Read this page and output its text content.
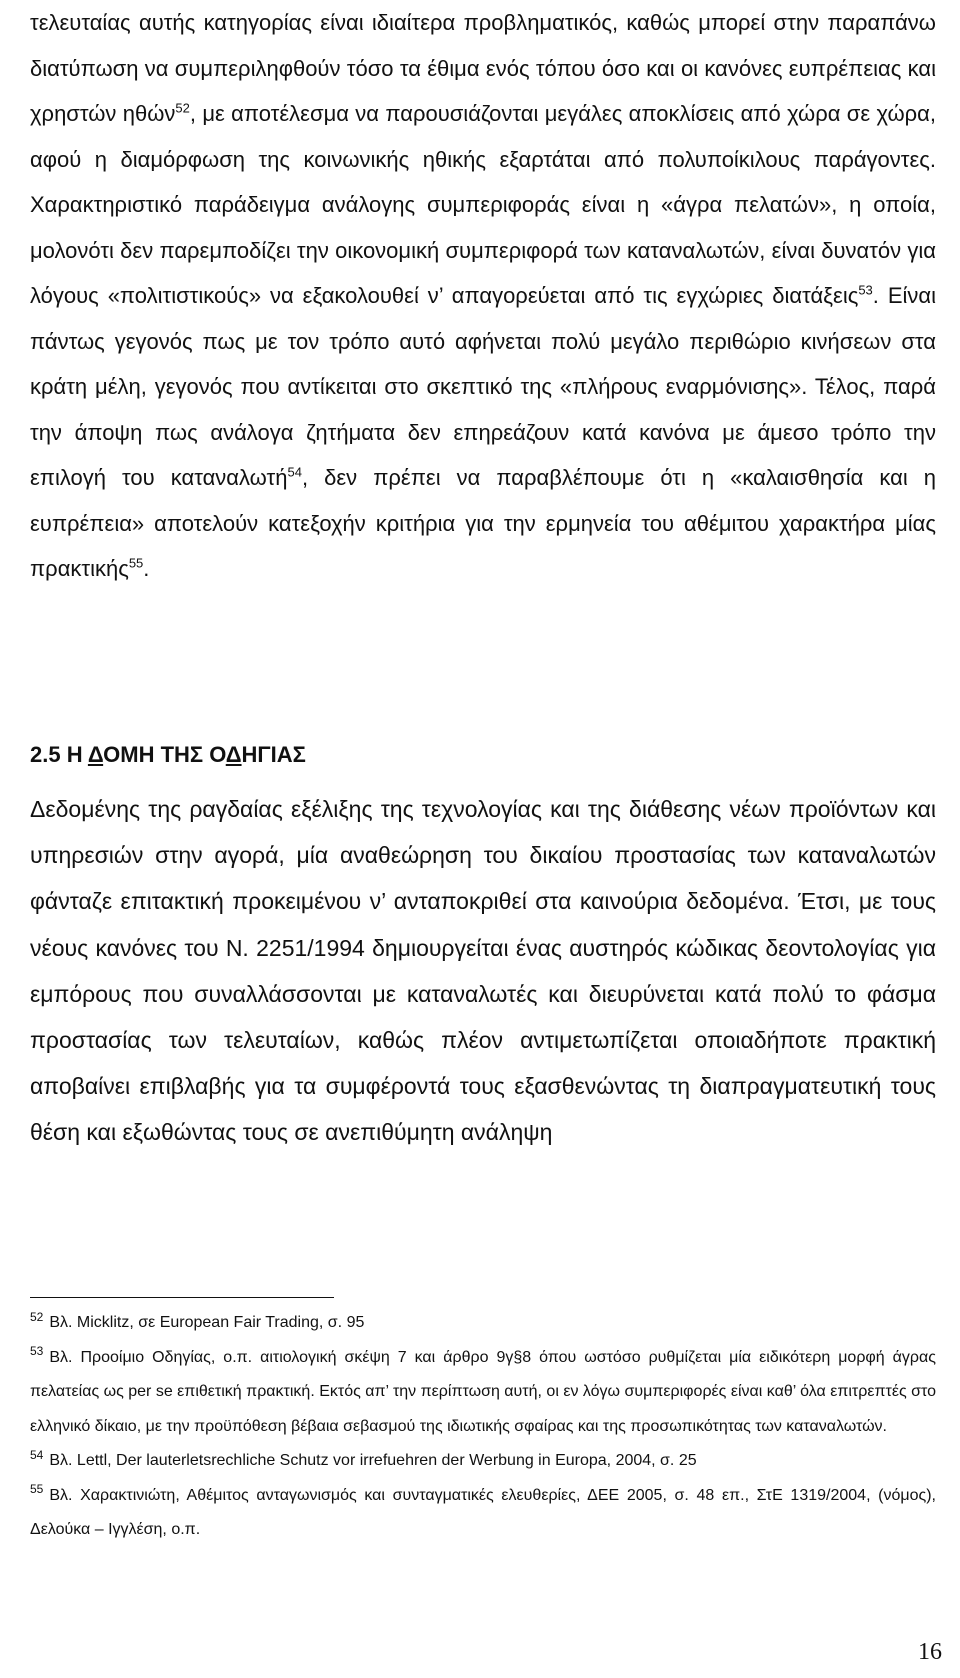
τελευταίας αυτής κατηγορίας είναι ιδιαίτερα προβληματικός, καθώς μπορεί στην παραπάνω διατύπωση να συμπεριληφθούν τόσο τα έθιμα ενός τόπου όσο και οι κανόνες ευπρέπειας και χρηστών ηθών$^{52}$, με αποτέλεσμα να παρουσιάζονται μεγάλες αποκλίσεις από χώρα σε χώρα, αφού η διαμόρφωση της κοινωνικής ηθικής εξαρτάται από πολυποίκιλους παράγοντες. Χαρακτηριστικό παράδειγμα ανάλογης συμπεριφοράς είναι η «άγρα πελατών», η οποία, μολονότι δεν παρεμποδίζει την οικονομική συμπεριφορά των καταναλωτών, είναι δυνατόν για λόγους «πολιτιστικούς» να εξακολουθεί ν’ απαγορεύεται από τις εγχώριες διατάξεις$^{53}$. Είναι πάντως γεγονός πως με τον τρόπο αυτό αφήνεται πολύ μεγάλο περιθώριο κινήσεων στα κράτη μέλη, γεγονός που αντίκειται στο σκεπτικό της «πλήρους εναρμόνισης». Τέλος, παρά την άποψη πως ανάλογα ζητήματα δεν επηρεάζουν κατά κανόνα με άμεσο τρόπο την επιλογή του καταναλωτή$^{54}$, δεν πρέπει να παραβλέπουμε ότι η «καλαισθησία και η ευπρέπεια» αποτελούν κατεξοχήν κριτήρια για την ερμηνεία του αθέμιτου χαρακτήρα μίας πρακτικής$^{55}$.

2.5 Η ΔΟΜΗ ΤΗΣ ΟΔΗΓΙΑΣ

Δεδομένης της ραγδαίας εξέλιξης της τεχνολογίας και της διάθεσης νέων προϊόντων και υπηρεσιών στην αγορά, μία αναθεώρηση του δικαίου προστασίας των καταναλωτών φάνταζε επιτακτική προκειμένου ν’ ανταποκριθεί στα καινούρια δεδομένα. Έτσι, με τους νέους κανόνες του Ν. 2251/1994 δημιουργείται ένας αυστηρός κώδικας δεοντολογίας για εμπόρους που συναλλάσσονται με καταναλωτές και διευρύνεται κατά πολύ το φάσμα προστασίας των τελευταίων, καθώς πλέον αντιμετωπίζεται οποιαδήποτε πρακτική αποβαίνει επιβλαβής για τα συμφέροντά τους εξασθενώντας τη διαπραγματευτική τους θέση και εξωθώντας τους σε ανεπιθύμητη ανάληψη

$^{52}$ Βλ. Micklitz, σε European Fair Trading, σ. 95

$^{53}$ Βλ. Προοίμιο Οδηγίας, ο.π. αιτιολογική σκέψη 7 και άρθρο 9γ§8 όπου ωστόσο ρυθμίζεται μία ειδικότερη μορφή άγρας πελατείας ως per se επιθετική πρακτική. Εκτός απ’ την περίπτωση αυτή, οι εν λόγω συμπεριφορές είναι καθ’ όλα επιτρεπτές στο ελληνικό δίκαιο, με την προϋπόθεση βέβαια σεβασμού της ιδιωτικής σφαίρας και της προσωπικότητας των καταναλωτών.

$^{54}$ Βλ. Lettl, Der lauterletsrechliche Schutz vor irrefuehren der Werbung in Europa, 2004, σ. 25

$^{55}$ Βλ. Χαρακτινιώτη, Αθέμιτος ανταγωνισμός και συνταγματικές ελευθερίες, ΔΕΕ 2005, σ. 48 επ., ΣτΕ 1319/2004, (νόμος), Δελούκα – Ιγγλέση, ο.π.

16
